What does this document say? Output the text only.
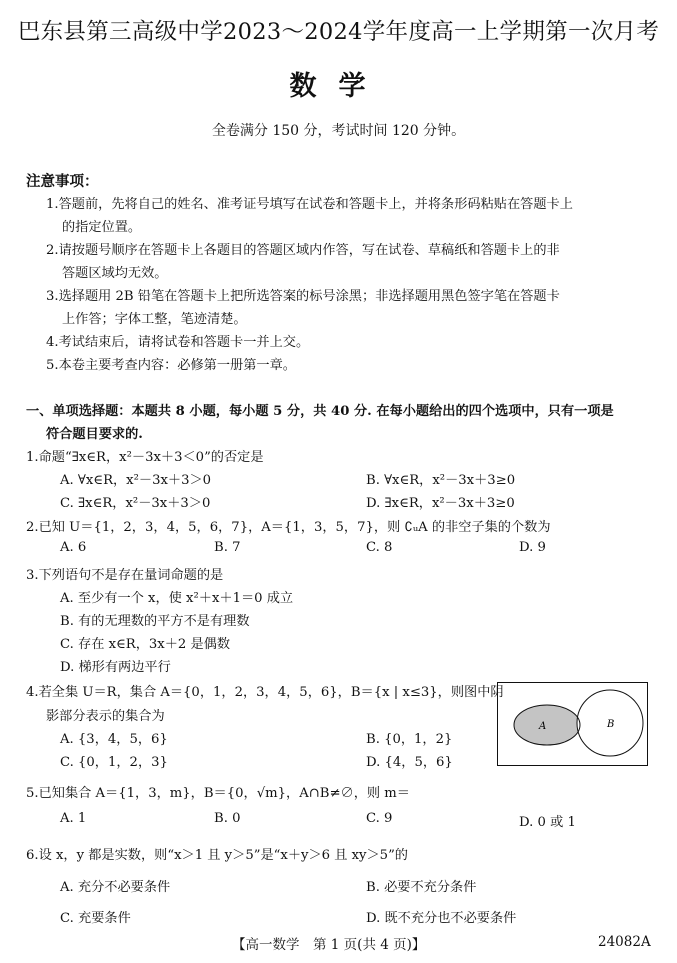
巴东县第三高级中学2023～2024学年度高一上学期第一次月考
数学
全卷满分 150 分，考试时间 120 分钟。
注意事项：
1.答题前，先将自己的姓名、准考证号填写在试卷和答题卡上，并将条形码粘贴在答题卡上
的指定位置。
2.请按题号顺序在答题卡上各题目的答题区域内作答，写在试卷、草稿纸和答题卡上的非
答题区域均无效。
3.选择题用 2B 铅笔在答题卡上把所选答案的标号涂黑；非选择题用黑色签字笔在答题卡
上作答；字体工整，笔迹清楚。
4.考试结束后，请将试卷和答题卡一并上交。
5.本卷主要考查内容：必修第一册第一章。
一、单项选择题：本题共 8 小题，每小题 5 分，共 40 分. 在每小题给出的四个选项中，只有一项是
符合题目要求的.
1.命题“∃x∈R，x²－3x＋3＜0”的否定是
A. ∀x∈R，x²－3x＋3＞0	B. ∀x∈R，x²－3x＋3≥0
C. ∃x∈R，x²－3x＋3＞0	D. ∃x∈R，x²－3x＋3≥0
2.已知 U＝{1，2，3，4，5，6，7}，A＝{1，3，5，7}，则 ∁ᵤA 的非空子集的个数为
A. 6	B. 7	C. 8	D. 9
3.下列语句不是存在量词命题的是
A. 至少有一个 x，使 x²＋x＋1＝0 成立
B. 有的无理数的平方不是有理数
C. 存在 x∈R，3x＋2 是偶数
D. 梯形有两边平行
4.若全集 U＝R，集合 A＝{0，1，2，3，4，5，6}，B＝{x | x≤3}，则图中阴
影部分表示的集合为
A. {3，4，5，6}	B. {0，1，2}
C. {0，1，2，3}	D. {4，5，6}
A	B
5.已知集合 A＝{1，3，m}，B＝{0，√m}，A∩B≠∅，则 m＝
A. 1	B. 0	C. 9	D. 0 或 1
6.设 x，y 都是实数，则“x＞1 且 y＞5”是“x＋y＞6 且 xy＞5”的
A. 充分不必要条件	B. 必要不充分条件
C. 充要条件	D. 既不充分也不必要条件
【高一数学　第 1 页(共 4 页)】	24082A
